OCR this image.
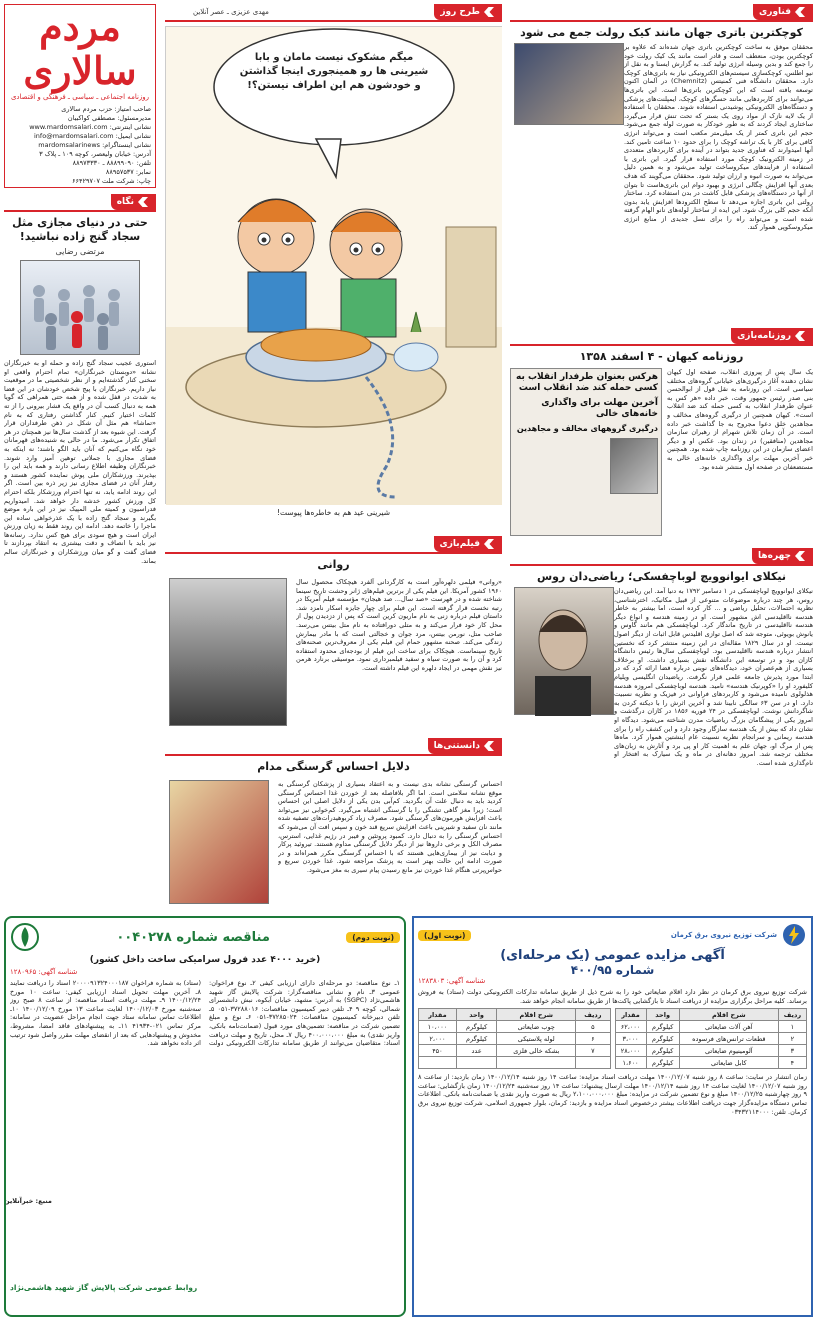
مردم سالاری
روزنامه اجتماعی ـ سیاسی ـ فرهنگی و اقتصادی
صاحب امتیاز: حزب مردم سالاری
مدیرمسئول: مصطفی کواکبیان
نشانی اینترنتی: www.mardomsalari.com
نشانی ایمیل: info@mardomsalari.com
نشانی اینستاگرام: mardomsalarinews
آدرس: خیابان ولیعصر، کوچه ۱۰۹ ـ پلاک ۳
تلفن: ۸۸۸۹۹۰۹۰ ـ ۸۸۹۷۳۳۳۰
نمابر: ۸۸۹۵۷۵۳۷
چاپ: شرکت ملت ۶۶۴۲۹۷۰۷
نگاه
حتی در دنیای مجازی مثل سجاد گنج زاده نباشید!
مرتضی رضایی
استوری عجیب سجاد گنج زاده و حمله او به خبرنگاران نشانه «دوبستان خبرنگاران» تمام احترام واقعی او سخنی کنار گذشته‌ایم و از نظر شخصیتی ما در موقعیت نیاز داریم. خبرنگاران با پیج شخص خودشان در این فضا به شدت در قفل شده و از همه حتی همراهی که گویا همه به دنبال کسب آن در واقع یک فشار بیرونی را از ته کلمات اختیار کنیم. کنار گذاشتن رفتاری که به نام «تماشا» هم مثل آن شکل در ذهن طرفداران قرار گرفت. این شیوه بعد از گذشت سال‌ها نیز همچنان در هر اتفاق تکرار می‌شود. ما در حالی به شنیده‌های قهرمانان خود نگاه می‌کنیم که آنان باید الگو باشند؛ نه اینکه به فضای مجازی با جملاتی توهین آمیز وارد شوند. خبرنگاران وظیفه اطلاع رسانی دارند و همه باید این را بپذیرند. ورزشکاران ملی پوش نماینده کشور هستند و رفتار آنان در فضای مجازی نیز زیر ذره بین است. اگر این روند ادامه یابد، نه تنها احترام ورزشکار بلکه احترام کل ورزش کشور خدشه دار خواهد شد. امیدواریم فدراسیون و کمیته ملی المپیک نیز در این باره موضع بگیرند و سجاد گنج زاده با یک عذرخواهی ساده این ماجرا را خاتمه دهد. ادامه این روند فقط به زیان ورزش ایران است و هیچ سودی برای هیچ کس ندارد. رسانه‌ها نیز باید با انصاف و دقت بیشتری به انتقاد بپردازند تا فضای گفت و گو میان ورزشکاران و خبرنگاران سالم بماند.
منبع: خبرآنلاین
طرح روز
مهدی عزیزی ـ عصر آنلاین
میگم مشکوک نیست مامان و بابا شیرینی ها رو همینجوری اینجا گذاشتن و خودشون هم این اطراف نیستن؟!
شیرینی عید هم به خاطره‌ها پیوست!
فناوری
کوچکترین باتری جهان مانند کیک رولت جمع می شود
محققان موفق به ساخت کوچکترین باتری جهان شده‌اند که علاوه بر کوچکترین بودن، منعطف است و قادر است مانند یک کیک رولت خود را جمع کند و بدین وسیله انرژی تولید کند. به گزارش ایسنا و به نقل از نیو اطلس، کوچکسازی سیستم‌های الکترونیکی نیاز به باتری‌های کوچک دارد. محققان دانشگاه فنی کمنیتس (Chemnitz) در آلمان اکنون توسعه یافته است که این کوچکترین باتری‌ها است. این باتری‌ها می‌توانند برای کاربردهایی مانند حسگرهای کوچک، ایمپلنت‌های پزشکی و دستگاه‌های الکترونیکی پوشیدنی استفاده شوند. محققان با استفاده از یک لایه نازک از مواد روی یک بستر که تحت تنش قرار می‌گیرد، ساختاری ایجاد کردند که به طور خودکار به صورت لوله جمع می‌شود. حجم این باتری کمتر از یک میلی‌متر مکعب است و می‌تواند انرژی کافی برای کار با یک تراشه کوچک را برای حدود ۱۰ ساعت تامین کند. آنها امیدوارند که فناوری جدید بتواند در آینده برای کاربردهای متعددی در زمینه الکترونیک کوچک مورد استفاده قرار گیرد. این باتری با استفاده از فرایندهای میکروساخت تولید می‌شود و به همین دلیل می‌تواند به صورت انبوه و ارزان تولید شود. محققان می‌گویند که هدف بعدی آنها افزایش چگالی انرژی و بهبود دوام این باتری‌هاست تا بتوان از آنها در دستگاه‌های پزشکی قابل کاشت در بدن استفاده کرد. ساختار رولتی این باتری اجازه می‌دهد تا سطح الکترودها افزایش یابد بدون آنکه حجم کلی بزرگ شود. این ایده از ساختار لوله‌های نانو الهام گرفته شده است و می‌تواند راه را برای نسل جدیدی از منابع انرژی میکروسکوپی هموار کند.
روزنامه‌بازی
روزنامه کیهان - ۴ اسفند ۱۳۵۸
هرکس بعنوان طرفدار انقلاب به کسی حمله کند ضد انقلاب است
آخرین مهلت برای واگذاری خانه‌های خالی
درگیری گروههای مخالف و مجاهدین
یک سال پس از پیروزی انقلاب، صفحه اول کیهان نشان دهنده آغاز درگیری‌های خیابانی گروه‌های مختلف سیاسی است. این روزنامه به نقل قول از ابوالحسن بنی صدر رئیس جمهور وقت، خبر داده «هر کس به عنوان طرفدار انقلاب به کسی حمله کند ضد انقلاب است». کیهان همچنین از درگیری گروه‌های مخالف و مجاهدین خلق دعوا مجروح به جا گذاشت خبر داده است. در آن زمان تلاش شهرام از رهبران سازمان مجاهدین (منافقین) در زندان بود. عکس او و دیگر اعضای سازمان در این روزنامه چاپ شده بود. همچنین خبر آخرین مهلت برای واگذاری خانه‌های خالی به مستضعفان در صفحه اول منتشر شده بود.
چهره‌ها
نیکلای ایوانوویچ لوباچفسکی؛ ریاضی‌دان روس
نیکلای ایوانوویچ لوباچفسکی در ۱ دسامبر ۱۷۹۲ به دنیا آمد. این ریاضی‌دان روس، هر چند درباره موضوعات متنوعی از قبیل مکانیک، اخترشناسی، نظریه احتمالات، تحلیل ریاضی و ... کار کرده است، اما بیشتر به خاطر هندسه نااقلیدسی اش مشهور است. او در زمینه هندسه و انواع دیگر هندسه نااقلیدسی در تاریخ ماندگار کرد. لوباچفسکی هم مانند گاوس و یانوش بویوئی، متوجه شد که اصل توازی اقلیدس قابل اثبات از دیگر اصول نیست. او در سال ۱۸۲۹ مقاله‌ای در این زمینه منتشر کرد که نخستین انتشار درباره هندسه نااقلیدسی بود. لوباچفسکی سال‌ها رئیس دانشگاه کازان بود و در توسعه این دانشگاه نقش بسیاری داشت. او برخلاف بسیاری از هم‌عصران خود، دیدگاه‌های نوینی درباره فضا ارائه کرد که در ابتدا مورد پذیرش جامعه علمی قرار نگرفت. ریاضیدان انگلیسی ویلیام کلیفورد او را «کوپرنیک هندسه» نامید. هندسه لوباچفسکی امروزه هندسه هذلولوی نامیده می‌شود و کاربردهای فراوانی در فیزیک و نظریه نسبیت دارد. او در سن ۶۳ سالگی نابینا شد و آخرین اثرش را با دیکته کردن به شاگردانش نوشت. لوباچفسکی در ۲۴ فوریه ۱۸۵۶ در کازان درگذشت و امروز یکی از پیشگامان بزرگ ریاضیات مدرن شناخته می‌شود. دیدگاه او نشان داد که بیش از یک هندسه سازگار وجود دارد و این کشف راه را برای هندسه ریمانی و سرانجام نظریه نسبیت عام اینشتین هموار کرد. ماه‌ها پس از مرگ او، جهان علم به اهمیت کار او پی برد و آثارش به زبان‌های مختلف ترجمه شد. امروز دهانه‌ای در ماه و یک سیارک به افتخار او نام‌گذاری شده است.
فیلم‌بازی
روانی
«روانی» فیلمی دلهره‌آور است به کارگردانی آلفرد هیچکاک محصول سال ۱۹۶۰ کشور آمریکا. این فیلم یکی از برترین فیلم‌های ژانر وحشت تاریخ سینما شناخته شده و در فهرست «صد سال... صد هیجان» مؤسسه فیلم آمریکا در رتبه نخست قرار گرفته است. این فیلم برای چهار جایزه اسکار نامزد شد. داستان فیلم درباره زنی به نام ماریون کرین است که پس از دزدیدن پول از محل کار خود فرار می‌کند و به متلی دورافتاده به نام متل بیتس می‌رسد. صاحب متل، نورمن بیتس، مرد جوان و خجالتی است که با مادر بیمارش زندگی می‌کند. صحنه مشهور حمام این فیلم یکی از معروف‌ترین صحنه‌های تاریخ سینماست. هیچکاک برای ساخت این فیلم از بودجه‌ای محدود استفاده کرد و آن را به صورت سیاه و سفید فیلمبرداری نمود. موسیقی برنارد هرمن نیز نقش مهمی در ایجاد دلهره این فیلم داشته است.
دانستنی‌ها
دلایل احساس گرسنگی مدام
احساس گرسنگی نشانه بدی نیست و به اعتقاد بسیاری از پزشکان گرسنگی به موقع نشانه سلامتی است. اما اگر بلافاصله بعد از خوردن غذا احساس گرسنگی کردید باید به دنبال علت آن بگردید. کم‌آبی بدن یکی از دلایل اصلی این احساس است؛ زیرا مغز گاهی تشنگی را با گرسنگی اشتباه می‌گیرد. کم‌خوابی نیز می‌تواند باعث افزایش هورمون‌های گرسنگی شود. مصرف زیاد کربوهیدرات‌های تصفیه شده مانند نان سفید و شیرینی باعث افزایش سریع قند خون و سپس افت آن می‌شود که احساس گرسنگی را به دنبال دارد. کمبود پروتئین و فیبر در رژیم غذایی، استرس، مصرف الکل و برخی داروها نیز از دیگر دلایل گرسنگی مداوم هستند. تیروئید پرکار و دیابت نیز از بیماری‌هایی هستند که با احساس گرسنگی مکرر همراه‌اند و در صورت ادامه این حالت بهتر است به پزشک مراجعه شود. غذا خوردن سریع و حواس‌پرتی هنگام غذا خوردن نیز مانع رسیدن پیام سیری به مغز می‌شود.
(نوبت دوم)
مناقصه شماره ۰۰۴۰۲۷۸
(خرید ۴۰۰۰ عدد فرول سرامیکی ساخت داخل کشور)
شناسه آگهی: ۱۲۸۰۹۶۵
۱ـ نوع مناقصه: دو مرحله‌ای دارای ارزیابی کیفی ۲ـ نوع فراخوان: عمومی ۳ـ نام و نشانی مناقصه‌گزار: شرکت پالایش گاز شهید هاشمی‌نژاد (SGPC) به آدرس: مشهد، خیابان آبکوه، نبش دانشسرای شمالی، کوچه ۹ ۴ـ تلفن دبیر کمیسیون مناقصات: ۳۷۲۸۸۰۱۶-۰۵۱ ۵ـ تلفن دبیرخانه کمیسیون مناقصات: ۳۷۲۸۵۰۲۴-۰۵۱ ۶ـ نوع و مبلغ تضمین شرکت در مناقصه: تضمین‌های مورد قبول (ضمانت‌نامه بانکی، واریز نقدی) به مبلغ ۴۰۰،۰۰۰،۰۰۰ ریال ۷ـ محل، تاریخ و مهلت دریافت اسناد: متقاضیان می‌توانند از طریق سامانه تدارکات الکترونیکی دولت (ستاد) به شماره فراخوان ۲۰۰۰۰۹۱۳۲۴۰۰۰۱۸۷ اسناد را دریافت نمایند ۸ـ آخرین مهلت تحویل اسناد ارزیابی کیفی: ساعت ۱۰ مورخ ۱۴۰۰/۱۲/۲۴ ۹ـ مهلت دریافت اسناد مناقصه: از ساعت ۸ صبح روز سه‌شنبه مورخ ۱۴۰۰/۱۲/۰۳ لغایت ساعت ۱۳ مورخ ۱۴۰۰/۱۲/۰۹ ۱۰ـ اطلاعات تماس سامانه ستاد جهت انجام مراحل عضویت در سامانه: مرکز تماس ۰۲۱-۴۱۹۳۴ ۱۱ـ به پیشنهادهای فاقد امضا، مشروط، مخدوش و پیشنهادهایی که بعد از انقضای مهلت مقرر واصل شود ترتیب اثر داده نخواهد شد.
روابط عمومی شرکت پالایش گاز شهید هاشمی‌نژاد
شرکت توزیع نیروی برق کرمان
(نوبت اول)
آگهی مزایده عمومی (یک مرحله‌ای)
شماره ۴۰۰/۹۵
شناسه آگهی: ۱۲۸۳۸۰۳
شرکت توزیع نیروی برق کرمان در نظر دارد اقلام ضایعاتی خود را به شرح ذیل از طریق سامانه تدارکات الکترونیکی دولت (ستاد) به فروش برساند. کلیه مراحل برگزاری مزایده از دریافت اسناد تا بازگشایی پاکت‌ها از طریق سامانه انجام خواهد شد.
ردیف	شرح اقلام	واحد	مقدار
۱	آهن آلات ضایعاتی	کیلوگرم	۶۲،۰۰۰
۲	قطعات ترانس‌های فرسوده	کیلوگرم	۳،۰۰۰
۳	آلومینیوم ضایعاتی	کیلوگرم	۲۸،۰۰۰
۴	کابل ضایعاتی	کیلوگرم	۱،۶۰۰
ردیف	شرح اقلام	واحد	مقدار
۵	چوب ضایعاتی	کیلوگرم	۱۰،۰۰۰
۶	لوله پلاستیکی	کیلوگرم	۲،۰۰۰
۷	بشکه خالی فلزی	عدد	۴۵۰

زمان انتشار در سایت: ساعت ۸ روز شنبه ۱۴۰۰/۱۲/۰۷ مهلت دریافت اسناد مزایده: ساعت ۱۴ روز شنبه ۱۴۰۰/۱۲/۱۴ زمان بازدید: از ساعت ۸ روز شنبه ۱۴۰۰/۱۲/۰۷ لغایت ساعت ۱۴ روز شنبه ۱۴۰۰/۱۲/۱۴ مهلت ارسال پیشنهاد: ساعت ۱۴ روز سه‌شنبه ۱۴۰۰/۱۲/۲۴ زمان بازگشایی: ساعت ۹ روز چهارشنبه ۱۴۰۰/۱۲/۲۵ مبلغ و نوع تضمین شرکت در مزایده: مبلغ ۲،۱۰۰،۰۰۰،۰۰۰ ریال به صورت واریز نقدی یا ضمانت‌نامه بانکی. اطلاعات تماس دستگاه مزایده‌گزار جهت دریافت اطلاعات بیشتر درخصوص اسناد مزایده و بازدید: کرمان، بلوار جمهوری اسلامی، شرکت توزیع نیروی برق کرمان. تلفن: ۰۳۴۳۲۱۱۴۰۰۰
